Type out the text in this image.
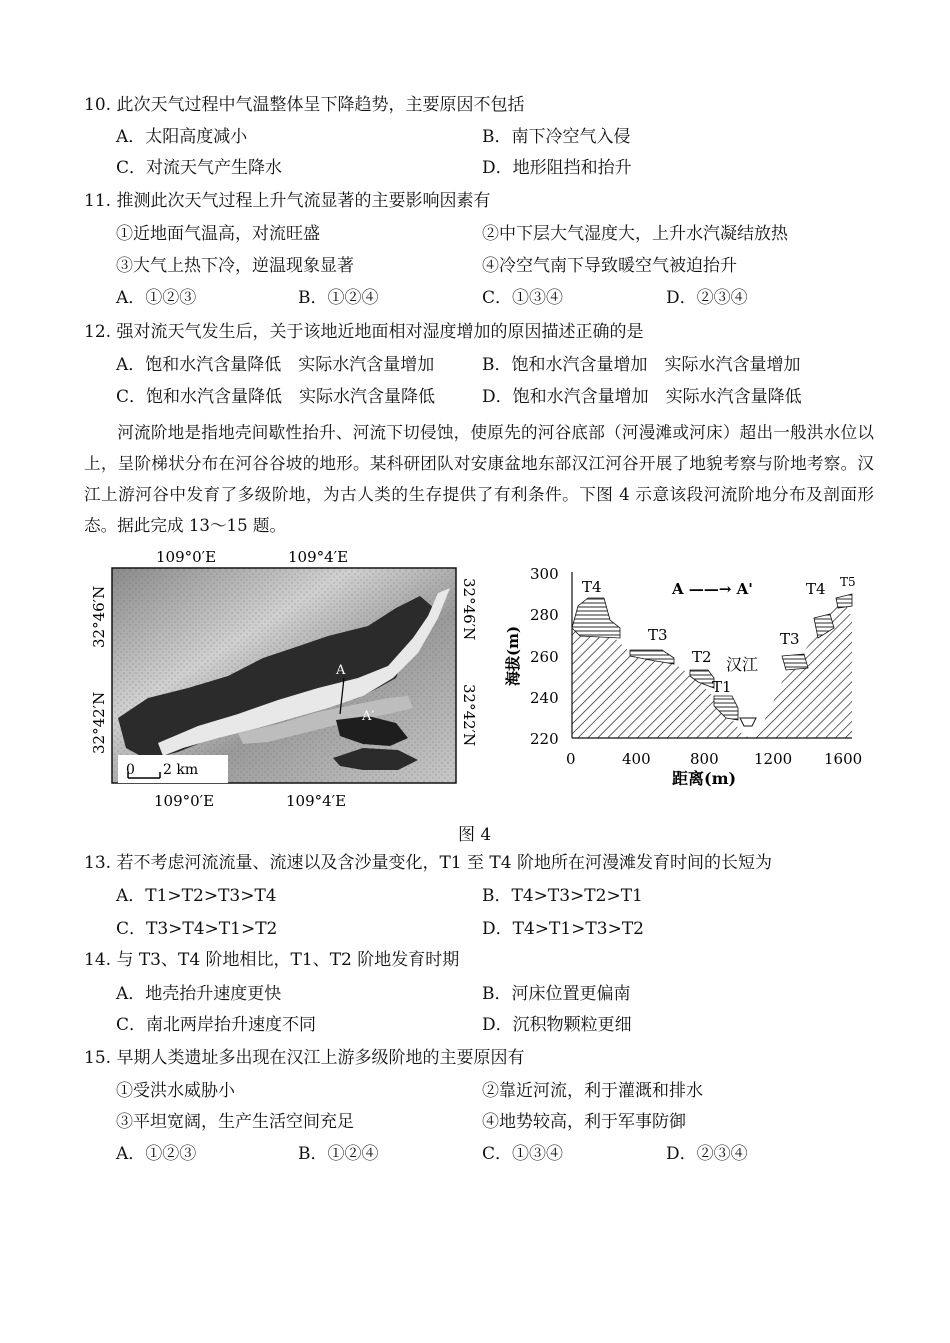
10. 此次天气过程中气温整体呈下降趋势，主要原因不包括
A．太阳高度减小	B．南下冷空气入侵
C．对流天气产生降水	D．地形阻挡和抬升
11. 推测此次天气过程上升气流显著的主要影响因素有
①近地面气温高，对流旺盛	②中下层大气湿度大，上升水汽凝结放热
③大气上热下冷，逆温现象显著	④冷空气南下导致暖空气被迫抬升
A．①②③	B．①②④	C．①③④	D．②③④
12. 强对流天气发生后，关于该地近地面相对湿度增加的原因描述正确的是
A．饱和水汽含量降低　实际水汽含量增加	B．饱和水汽含量增加　实际水汽含量增加
C．饱和水汽含量降低　实际水汽含量降低	D．饱和水汽含量增加　实际水汽含量降低
河流阶地是指地壳间歇性抬升、河流下切侵蚀，使原先的河谷底部（河漫滩或河床）超出一般洪水位以上，呈阶梯状分布在河谷谷坡的地形。某科研团队对安康盆地东部汉江河谷开展了地貌考察与阶地考察。汉江上游河谷中发育了多级阶地，为古人类的生存提供了有利条件。下图 4 示意该段河流阶地分布及剖面形态。据此完成 13～15 题。
A
A′
0 2 km
109°0′E	109°4′E
109°0′E	109°4′E
32°46′N
32°42′N
32°46′N
32°42′N
300
280
260
240
220
0	400	800 1200 1600
海拔(m)
距离(m)
T4
T3
T2
T1
T3
T4 T5
汉江
A ——→ A'
图 4
13. 若不考虑河流流量、流速以及含沙量变化，T1 至 T4 阶地所在河漫滩发育时间的长短为
A．T1>T2>T3>T4	B．T4>T3>T2>T1
C．T3>T4>T1>T2	D．T4>T1>T3>T2
14. 与 T3、T4 阶地相比，T1、T2 阶地发育时期
A．地壳抬升速度更快	B．河床位置更偏南
C．南北两岸抬升速度不同	D．沉积物颗粒更细
15. 早期人类遗址多出现在汉江上游多级阶地的主要原因有
①受洪水威胁小	②靠近河流，利于灌溉和排水
③平坦宽阔，生产生活空间充足	④地势较高，利于军事防御
A．①②③	B．①②④	C．①③④	D．②③④
